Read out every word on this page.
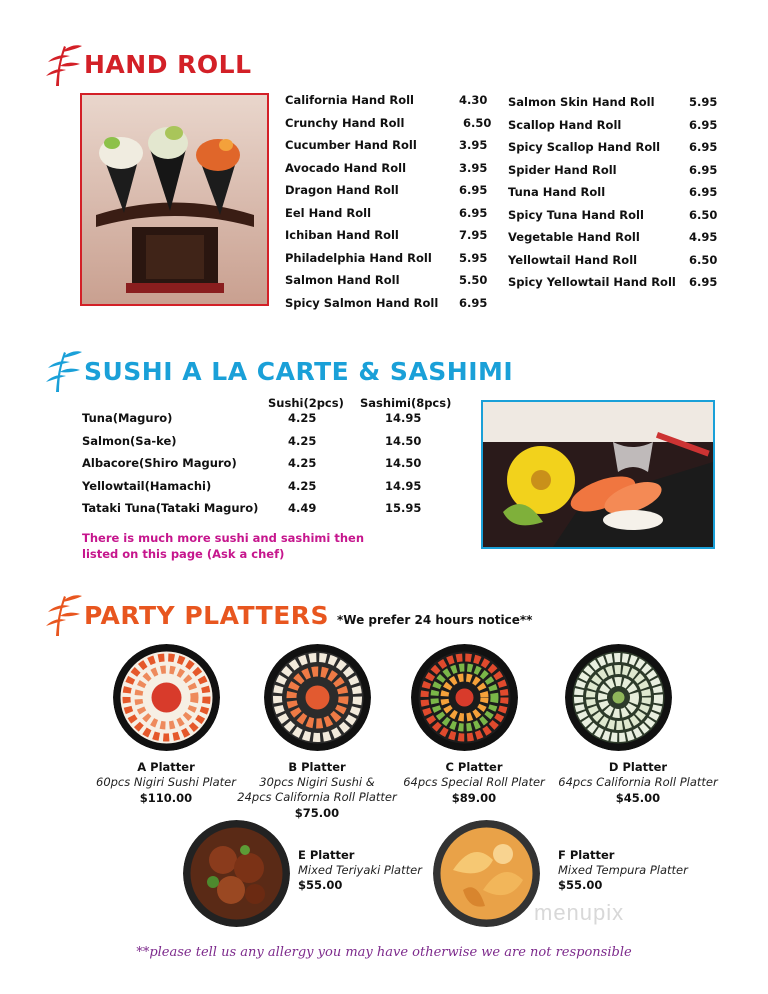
HAND ROLL
California Hand Roll	4.30
Crunchy Hand Roll	6.50
Cucumber Hand Roll	3.95
Avocado Hand Roll	3.95
Dragon Hand Roll	6.95
Eel Hand Roll	6.95
Ichiban Hand Roll	7.95
Philadelphia Hand Roll 5.95
Salmon Hand Roll	5.50
Spicy Salmon Hand Roll 6.95
Salmon Skin Hand Roll	5.95
Scallop Hand Roll	6.95
Spicy Scallop Hand Roll	6.95
Spider Hand Roll	6.95
Tuna Hand Roll	6.95
Spicy Tuna Hand Roll	6.50
Vegetable Hand Roll	4.95
Yellowtail Hand Roll	6.50
Spicy Yellowtail Hand Roll 6.95
SUSHI A LA CARTE & SASHIMI
Sushi(2pcs) Sashimi(8pcs)
Tuna(Maguro)	4.25	14.95
Salmon(Sa-ke)	4.25	14.50
Albacore(Shiro Maguro)	4.25	14.50
Yellowtail(Hamachi)	4.25	14.95
Tataki Tuna(Tataki Maguro)	4.49	15.95
There is much more sushi and sashimi then
listed on this page (Ask a chef)
PARTY PLATTERS *We prefer 24 hours notice**
A Platter
60pcs Nigiri Sushi Plater
$110.00
B Platter
30pcs Nigiri Sushi &
24pcs California Roll Platter
$75.00
C Platter
64pcs Special Roll Plater
$89.00
D Platter
64pcs California Roll Platter
$45.00
E Platter
Mixed Teriyaki Platter
$55.00
F Platter
Mixed Tempura Platter
$55.00
menupix
**please tell us any allergy you may have otherwise we are not responsible
